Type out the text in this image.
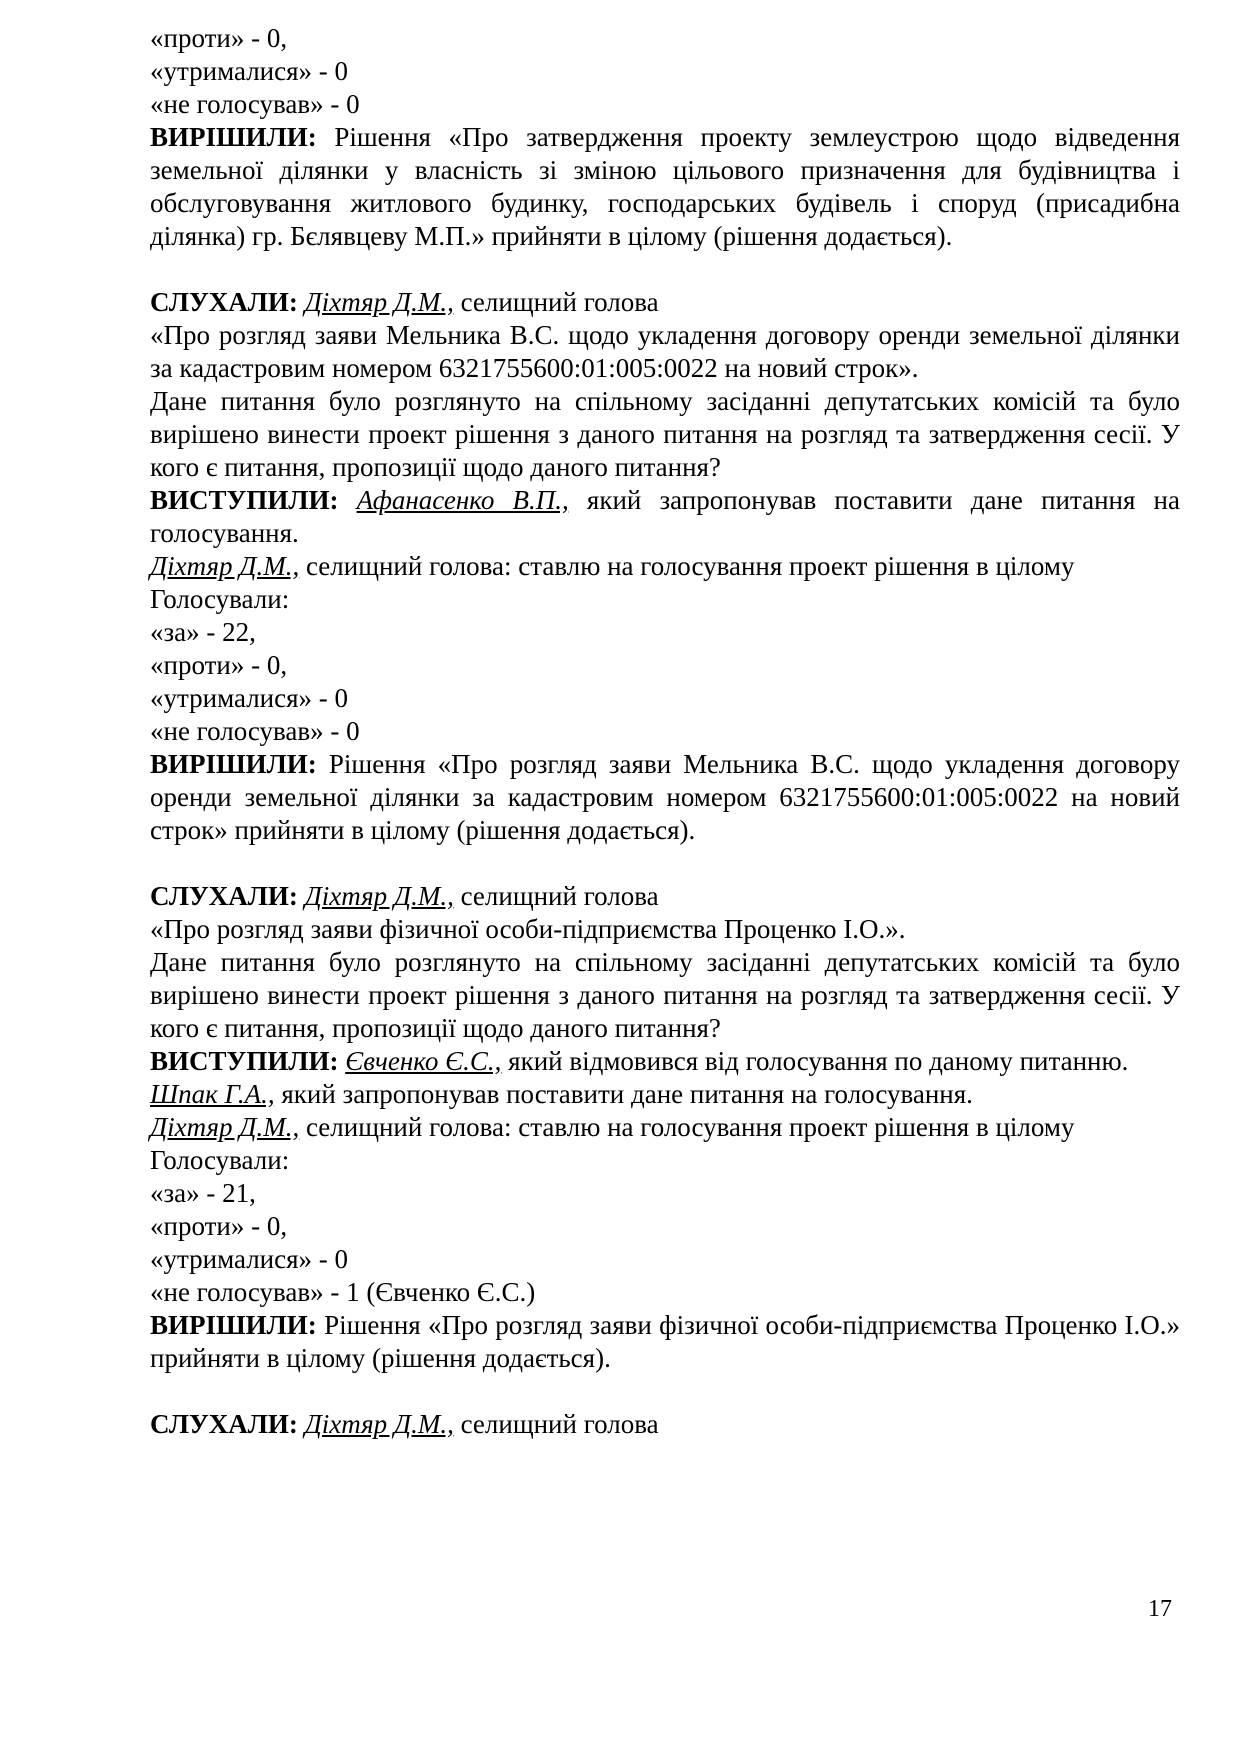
«проти» - 0,
«утрималися» - 0
«не голосував» - 0
ВИРІШИЛИ: Рішення «Про затвердження проекту землеустрою щодо відведення земельної ділянки у власність зі зміною цільового призначення для будівництва і обслуговування житлового будинку, господарських будівель і споруд (присадибна ділянка) гр. Бєлявцеву М.П.» прийняти в цілому (рішення додається).
СЛУХАЛИ: Діхтяр Д.М., селищний голова
«Про розгляд заяви Мельника В.С. щодо укладення договору оренди земельної ділянки за кадастровим номером 6321755600:01:005:0022 на новий строк».
Дане питання було розглянуто на спільному засіданні депутатських комісій та було вирішено винести проект рішення з даного питання на розгляд та затвердження сесії. У кого є питання, пропозиції щодо даного питання?
ВИСТУПИЛИ: Афанасенко В.П., який запропонував поставити дане питання на голосування.
Діхтяр Д.М., селищний голова: ставлю на голосування проект рішення в цілому
Голосували:
«за» - 22,
«проти» - 0,
«утрималися» - 0
«не голосував» - 0
ВИРІШИЛИ: Рішення «Про розгляд заяви Мельника В.С. щодо укладення договору оренди земельної ділянки за кадастровим номером 6321755600:01:005:0022 на новий строк» прийняти в цілому (рішення додається).
СЛУХАЛИ: Діхтяр Д.М., селищний голова
«Про розгляд заяви фізичної особи-підприємства Проценко І.О.».
Дане питання було розглянуто на спільному засіданні депутатських комісій та було вирішено винести проект рішення з даного питання на розгляд та затвердження сесії. У кого є питання, пропозиції щодо даного питання?
ВИСТУПИЛИ: Євченко Є.С., який відмовився від голосування по даному питанню.
Шпак Г.А., який запропонував поставити дане питання на голосування.
Діхтяр Д.М., селищний голова: ставлю на голосування проект рішення в цілому
Голосували:
«за» - 21,
«проти» - 0,
«утрималися» - 0
«не голосував» - 1 (Євченко Є.С.)
ВИРІШИЛИ: Рішення «Про розгляд заяви фізичної особи-підприємства Проценко І.О.» прийняти в цілому (рішення додається).
СЛУХАЛИ: Діхтяр Д.М., селищний голова
17
